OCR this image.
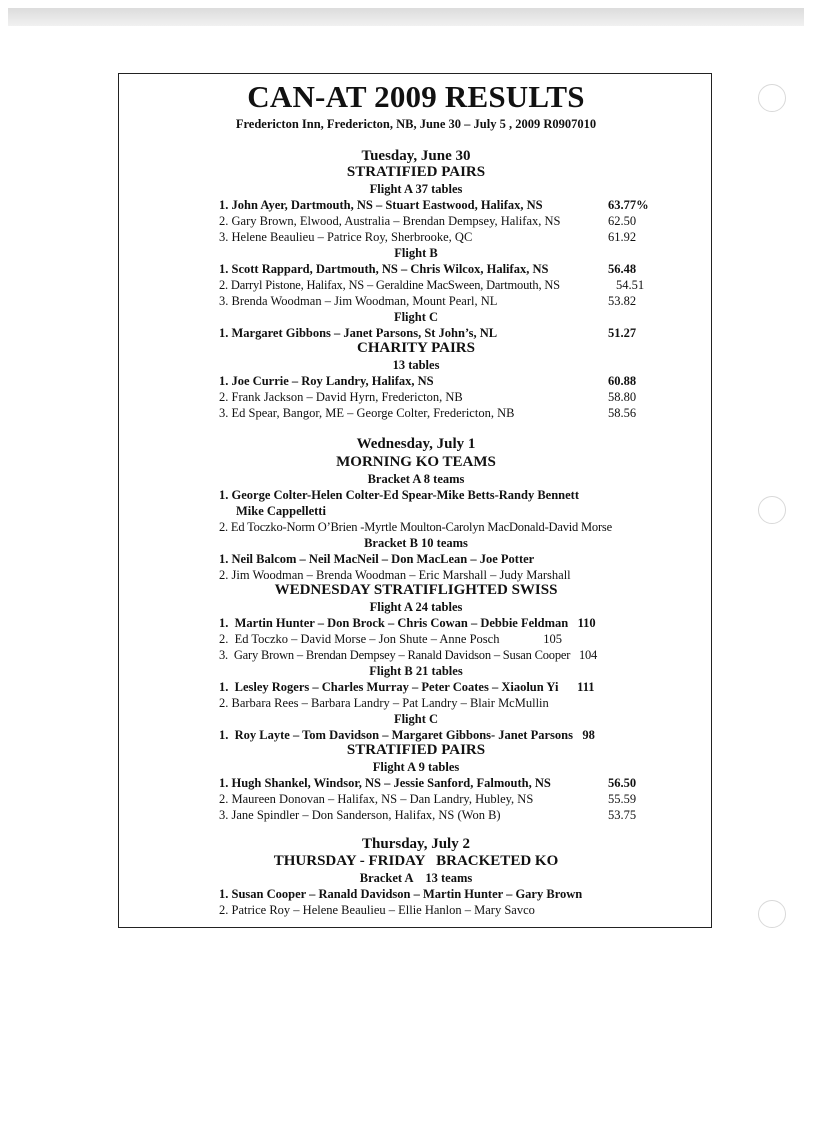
CAN-AT 2009 RESULTS
Fredericton Inn, Fredericton, NB, June 30 – July 5 , 2009 R0907010
Tuesday, June 30
STRATIFIED PAIRS
Flight A 37 tables
1. John Ayer, Dartmouth, NS – Stuart Eastwood, Halifax, NS	63.77%
2. Gary Brown, Elwood, Australia – Brendan Dempsey, Halifax, NS	62.50
3. Helene Beaulieu – Patrice Roy, Sherbrooke, QC	61.92
Flight B
1. Scott Rappard, Dartmouth, NS – Chris Wilcox, Halifax, NS	56.48
2. Darryl Pistone, Halifax, NS – Geraldine MacSween, Dartmouth, NS	54.51
3. Brenda Woodman – Jim Woodman, Mount Pearl, NL	53.82
Flight C
1. Margaret Gibbons – Janet Parsons, St John’s, NL	51.27
CHARITY PAIRS
13 tables
1. Joe Currie – Roy Landry, Halifax, NS	60.88
2. Frank Jackson – David Hyrn, Fredericton, NB	58.80
3. Ed Spear, Bangor, ME – George Colter, Fredericton, NB	58.56
Wednesday, July 1
MORNING KO TEAMS
Bracket A 8 teams
1. George Colter-Helen Colter-Ed Spear-Mike Betts-Randy Bennett
Mike Cappelletti
2. Ed Toczko-Norm O’Brien -Myrtle Moulton-Carolyn MacDonald-David Morse
Bracket B 10 teams
1. Neil Balcom – Neil MacNeil – Don MacLean – Joe Potter
2. Jim Woodman – Brenda Woodman – Eric Marshall – Judy Marshall
WEDNESDAY STRATIFLIGHTED SWISS
Flight A 24 tables
1.  Martin Hunter – Don Brock – Chris Cowan – Debbie Feldman   110
2.  Ed Toczko – David Morse – Jon Shute – Anne Posch              105
3.  Gary Brown – Brendan Dempsey – Ranald Davidson – Susan Cooper   104
Flight B 21 tables
1.  Lesley Rogers – Charles Murray – Peter Coates – Xiaolun Yi      111
2. Barbara Rees – Barbara Landry – Pat Landry – Blair McMullin
Flight C
1.  Roy Layte – Tom Davidson – Margaret Gibbons- Janet Parsons   98
STRATIFIED PAIRS
Flight A 9 tables
1. Hugh Shankel, Windsor, NS – Jessie Sanford, Falmouth, NS	56.50
2. Maureen Donovan – Halifax, NS – Dan Landry, Hubley, NS	55.59
3. Jane Spindler – Don Sanderson, Halifax, NS (Won B)	53.75
Thursday, July 2
THURSDAY - FRIDAY   BRACKETED KO
Bracket A    13 teams
1. Susan Cooper – Ranald Davidson – Martin Hunter – Gary Brown
2. Patrice Roy – Helene Beaulieu – Ellie Hanlon – Mary Savco
